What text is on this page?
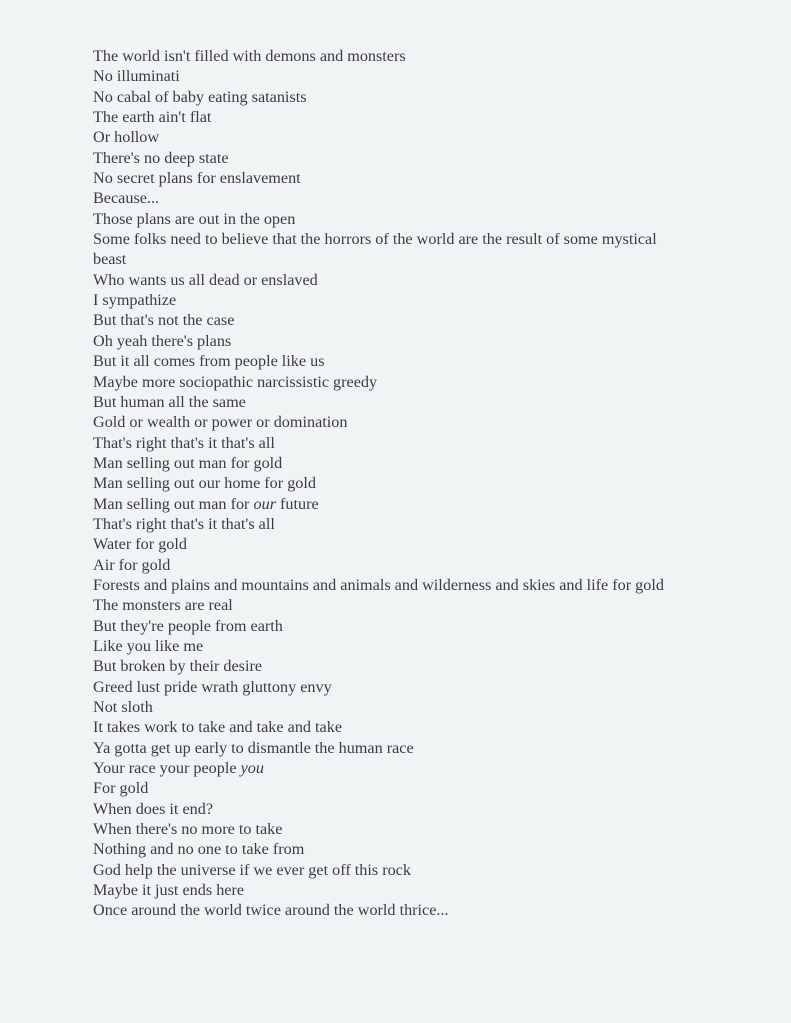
The world isn't filled with demons and monsters
No illuminati
No cabal of baby eating satanists
The earth ain't flat
Or hollow
There's no deep state
No secret plans for enslavement
Because...
Those plans are out in the open
Some folks need to believe that the horrors of the world are the result of some mystical beast
Who wants us all dead or enslaved
I sympathize
But that's not the case
Oh yeah there's plans
But it all comes from people like us
Maybe more sociopathic narcissistic greedy
But human all the same
Gold or wealth or power or domination
That's right that's it that's all
Man selling out man for gold
Man selling out our home for gold
Man selling out man for our future
That's right that's it that's all
Water for gold
Air for gold
Forests and plains and mountains and animals and wilderness and skies and life for gold
The monsters are real
But they're people from earth
Like you like me
But broken by their desire
Greed lust pride wrath gluttony envy
Not sloth
It takes work to take and take and take
Ya gotta get up early to dismantle the human race
Your race your people you
For gold
When does it end?
When there's no more to take
Nothing and no one to take from
God help the universe if we ever get off this rock
Maybe it just ends here
Once around the world twice around the world thrice...
